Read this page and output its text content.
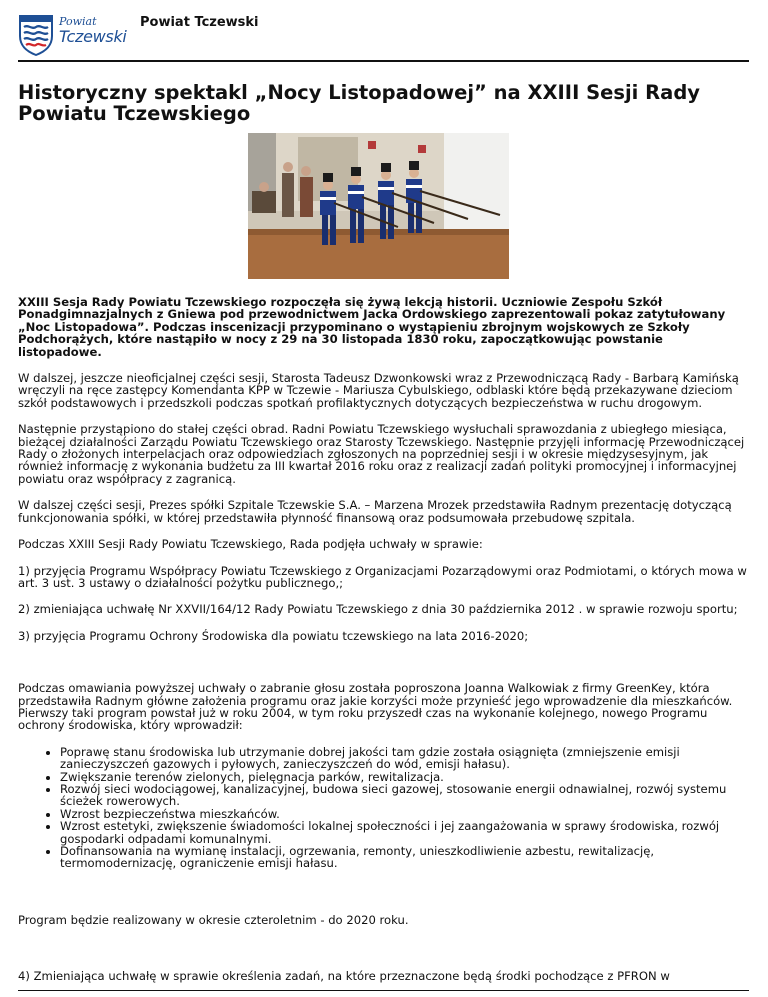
Powiat
Tczewski
Powiat Tczewski
Historyczny spektakl „Nocy Listopadowej” na XXIII Sesji Rady Powiatu Tczewskiego

XXIII Sesja Rady Powiatu Tczewskiego rozpoczęła się żywą lekcją historii. Uczniowie Zespołu Szkół Ponadgimnazjalnych z Gniewa pod przewodnictwem Jacka Ordowskiego zaprezentowali pokaz zatytułowany „Noc Listopadowa”. Podczas inscenizacji przypominano o wystąpieniu zbrojnym wojskowych ze Szkoły Podchorążych, które nastąpiło w nocy z 29 na 30 listopada 1830 roku, zapoczątkowując powstanie listopadowe.

W dalszej, jeszcze nieoficjalnej części sesji, Starosta Tadeusz Dzwonkowski wraz z Przewodniczącą Rady - Barbarą Kamińską wręczyli na ręce zastępcy Komendanta KPP w Tczewie - Mariusza Cybulskiego, odblaski które będą przekazywane dzieciom szkół podstawowych i przedszkoli podczas spotkań profilaktycznych dotyczących bezpieczeństwa w ruchu drogowym.

Następnie przystąpiono do stałej części obrad. Radni Powiatu Tczewskiego wysłuchali sprawozdania z ubiegłego miesiąca, bieżącej działalności Zarządu Powiatu Tczewskiego oraz Starosty Tczewskiego. Następnie przyjęli informację Przewodniczącej Rady o złożonych interpelacjach oraz odpowiedziach zgłoszonych na poprzedniej sesji i w okresie międzysesyjnym, jak również informację z wykonania budżetu za III kwartał 2016 roku oraz z realizacji zadań polityki promocyjnej i informacyjnej powiatu oraz współpracy z zagranicą.

W dalszej części sesji, Prezes spółki Szpitale Tczewskie S.A. – Marzena Mrozek przedstawiła Radnym prezentację dotyczącą funkcjonowania spółki, w której przedstawiła płynność finansową oraz podsumowała przebudowę szpitala.

Podczas XXIII Sesji Rady Powiatu Tczewskiego, Rada podjęła uchwały w sprawie:

1) przyjęcia Programu Współpracy Powiatu Tczewskiego z Organizacjami Pozarządowymi oraz Podmiotami, o których mowa w art. 3 ust. 3 ustawy o działalności pożytku publicznego,;

2) zmieniająca uchwałę Nr XXVII/164/12 Rady Powiatu Tczewskiego z dnia 30 października 2012 . w sprawie rozwoju sportu;

3) przyjęcia Programu Ochrony Środowiska dla powiatu tczewskiego na lata 2016-2020;

Podczas omawiania powyższej uchwały o zabranie głosu została poproszona Joanna Walkowiak z firmy GreenKey, która przedstawiła Radnym główne założenia programu oraz jakie korzyści może przynieść jego wprowadzenie dla mieszkańców. Pierwszy taki program powstał już w roku 2004, w tym roku przyszedł czas na wykonanie kolejnego, nowego Programu ochrony środowiska, który wprowadził:

• Poprawę stanu środowiska lub utrzymanie dobrej jakości tam gdzie została osiągnięta (zmniejszenie emisji zanieczyszczeń gazowych i pyłowych, zanieczyszczeń do wód, emisji hałasu).
• Zwiększanie terenów zielonych, pielęgnacja parków, rewitalizacja.
• Rozwój sieci wodociągowej, kanalizacyjnej, budowa sieci gazowej, stosowanie energii odnawialnej, rozwój systemu ścieżek rowerowych.
• Wzrost bezpieczeństwa mieszkańców.
• Wzrost estetyki, zwiększenie świadomości lokalnej społeczności i jej zaangażowania w sprawy środowiska, rozwój gospodarki odpadami komunalnymi.
• Dofinansowania na wymianę instalacji, ogrzewania, remonty, unieszkodliwienie azbestu, rewitalizację, termomodernizację, ograniczenie emisji hałasu.

Program będzie realizowany w okresie czteroletnim - do 2020 roku.

4) Zmieniająca uchwałę w sprawie określenia zadań, na które przeznaczone będą środki pochodzące z PFRON w
